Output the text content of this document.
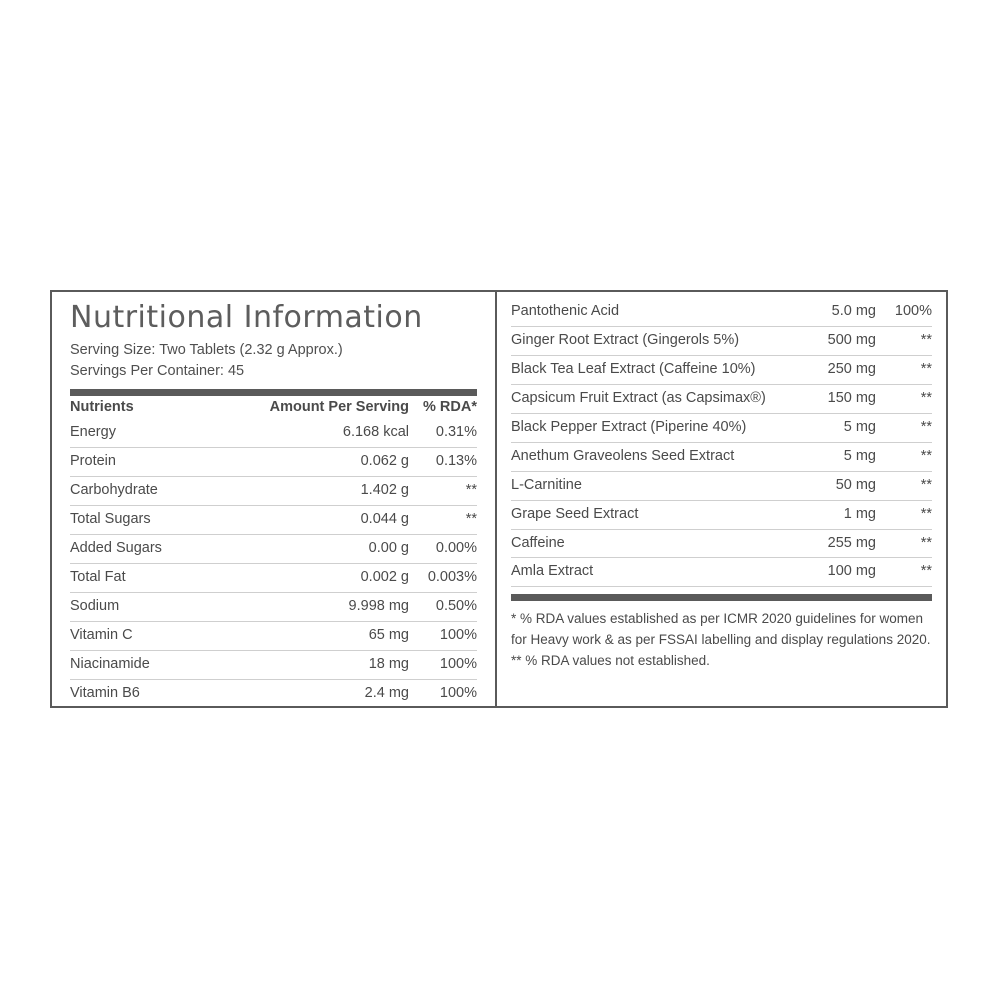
Nutritional Information
Serving Size: Two Tablets (2.32 g Approx.)
Servings Per Container: 45
Nutrients	Amount Per Serving	% RDA*
Energy	6.168 kcal	0.31%
Protein	0.062 g	0.13%
Carbohydrate	1.402 g	**
Total Sugars	0.044 g	**
Added Sugars	0.00 g	0.00%
Total Fat	0.002 g	0.003%
Sodium	9.998 mg	0.50%
Vitamin C	65 mg	100%
Niacinamide	18 mg	100%
Vitamin B6	2.4 mg	100%
Pantothenic Acid	5.0 mg	100%
Ginger Root Extract (Gingerols 5%)	500 mg	**
Black Tea Leaf Extract (Caffeine 10%)	250 mg	**
Capsicum Fruit Extract (as Capsimax®)	150 mg	**
Black Pepper Extract (Piperine 40%)	5 mg	**
Anethum Graveolens Seed Extract	5 mg	**
L-Carnitine	50 mg	**
Grape Seed Extract	1 mg	**
Caffeine	255 mg	**
Amla Extract	100 mg	**
* % RDA values established as per ICMR 2020 guidelines for women for Heavy work & as per FSSAI labelling and display regulations 2020.
** % RDA values not established.
